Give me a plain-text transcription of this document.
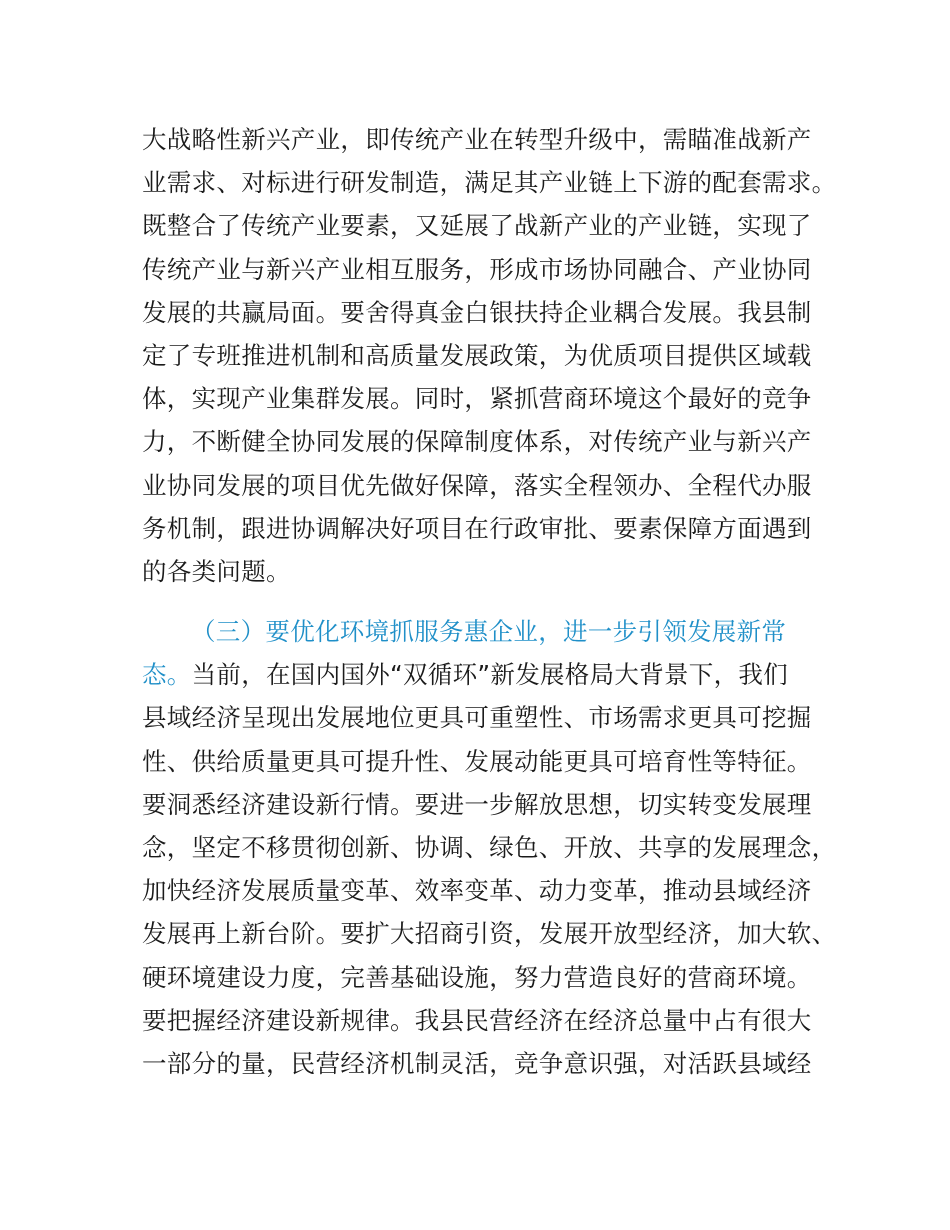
大战略性新兴产业，即传统产业在转型升级中，需瞄准战新产
业需求、对标进行研发制造，满足其产业链上下游的配套需求。
既整合了传统产业要素，又延展了战新产业的产业链，实现了
传统产业与新兴产业相互服务，形成市场协同融合、产业协同
发展的共赢局面。要舍得真金白银扶持企业耦合发展。我县制
定了专班推进机制和高质量发展政策，为优质项目提供区域载
体，实现产业集群发展。同时，紧抓营商环境这个最好的竞争
力，不断健全协同发展的保障制度体系，对传统产业与新兴产
业协同发展的项目优先做好保障，落实全程领办、全程代办服
务机制，跟进协调解决好项目在行政审批、要素保障方面遇到
的各类问题。
（三）要优化环境抓服务惠企业，进一步引领发展新常
态。当前，在国内国外“双循环”新发展格局大背景下，我们
县域经济呈现出发展地位更具可重塑性、市场需求更具可挖掘
性、供给质量更具可提升性、发展动能更具可培育性等特征。
要洞悉经济建设新行情。要进一步解放思想，切实转变发展理
念，坚定不移贯彻创新、协调、绿色、开放、共享的发展理念，
加快经济发展质量变革、效率变革、动力变革，推动县域经济
发展再上新台阶。要扩大招商引资，发展开放型经济，加大软、
硬环境建设力度，完善基础设施，努力营造良好的营商环境。
要把握经济建设新规律。我县民营经济在经济总量中占有很大
一部分的量，民营经济机制灵活，竞争意识强，对活跃县域经
